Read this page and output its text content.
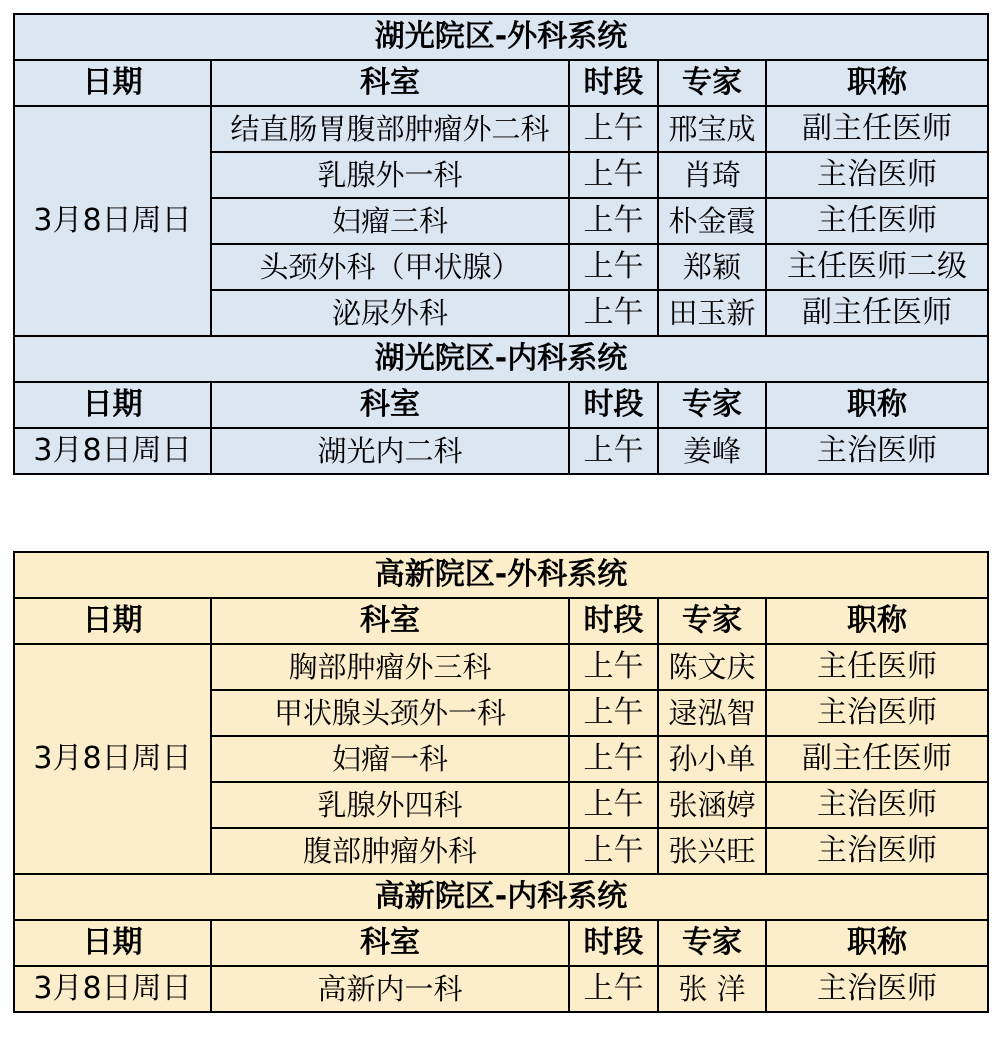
湖光院区-外科系统				
日期	科室	时段	专家	职称
3月8日周日	结直肠胃腹部肿瘤外二科	上午	邢宝成	副主任医师
	乳腺外一科	上午	肖琦	主治医师
	妇瘤三科	上午	朴金霞	主任医师
	头颈外科（甲状腺）	上午	郑颖	主任医师二级
	泌尿外科	上午	田玉新	副主任医师
湖光院区-内科系统				
日期	科室	时段	专家	职称
3月8日周日	湖光内二科	上午	姜峰	主治医师
高新院区-外科系统				
日期	科室	时段	专家	职称
3月8日周日	胸部肿瘤外三科	上午	陈文庆	主任医师
	甲状腺头颈外一科	上午	逯泓智	主治医师
	妇瘤一科	上午	孙小单	副主任医师
	乳腺外四科	上午	张涵婷	主治医师
	腹部肿瘤外科	上午	张兴旺	主治医师
高新院区-内科系统				
日期	科室	时段	专家	职称
3月8日周日	高新内一科	上午	张 洋	主治医师
